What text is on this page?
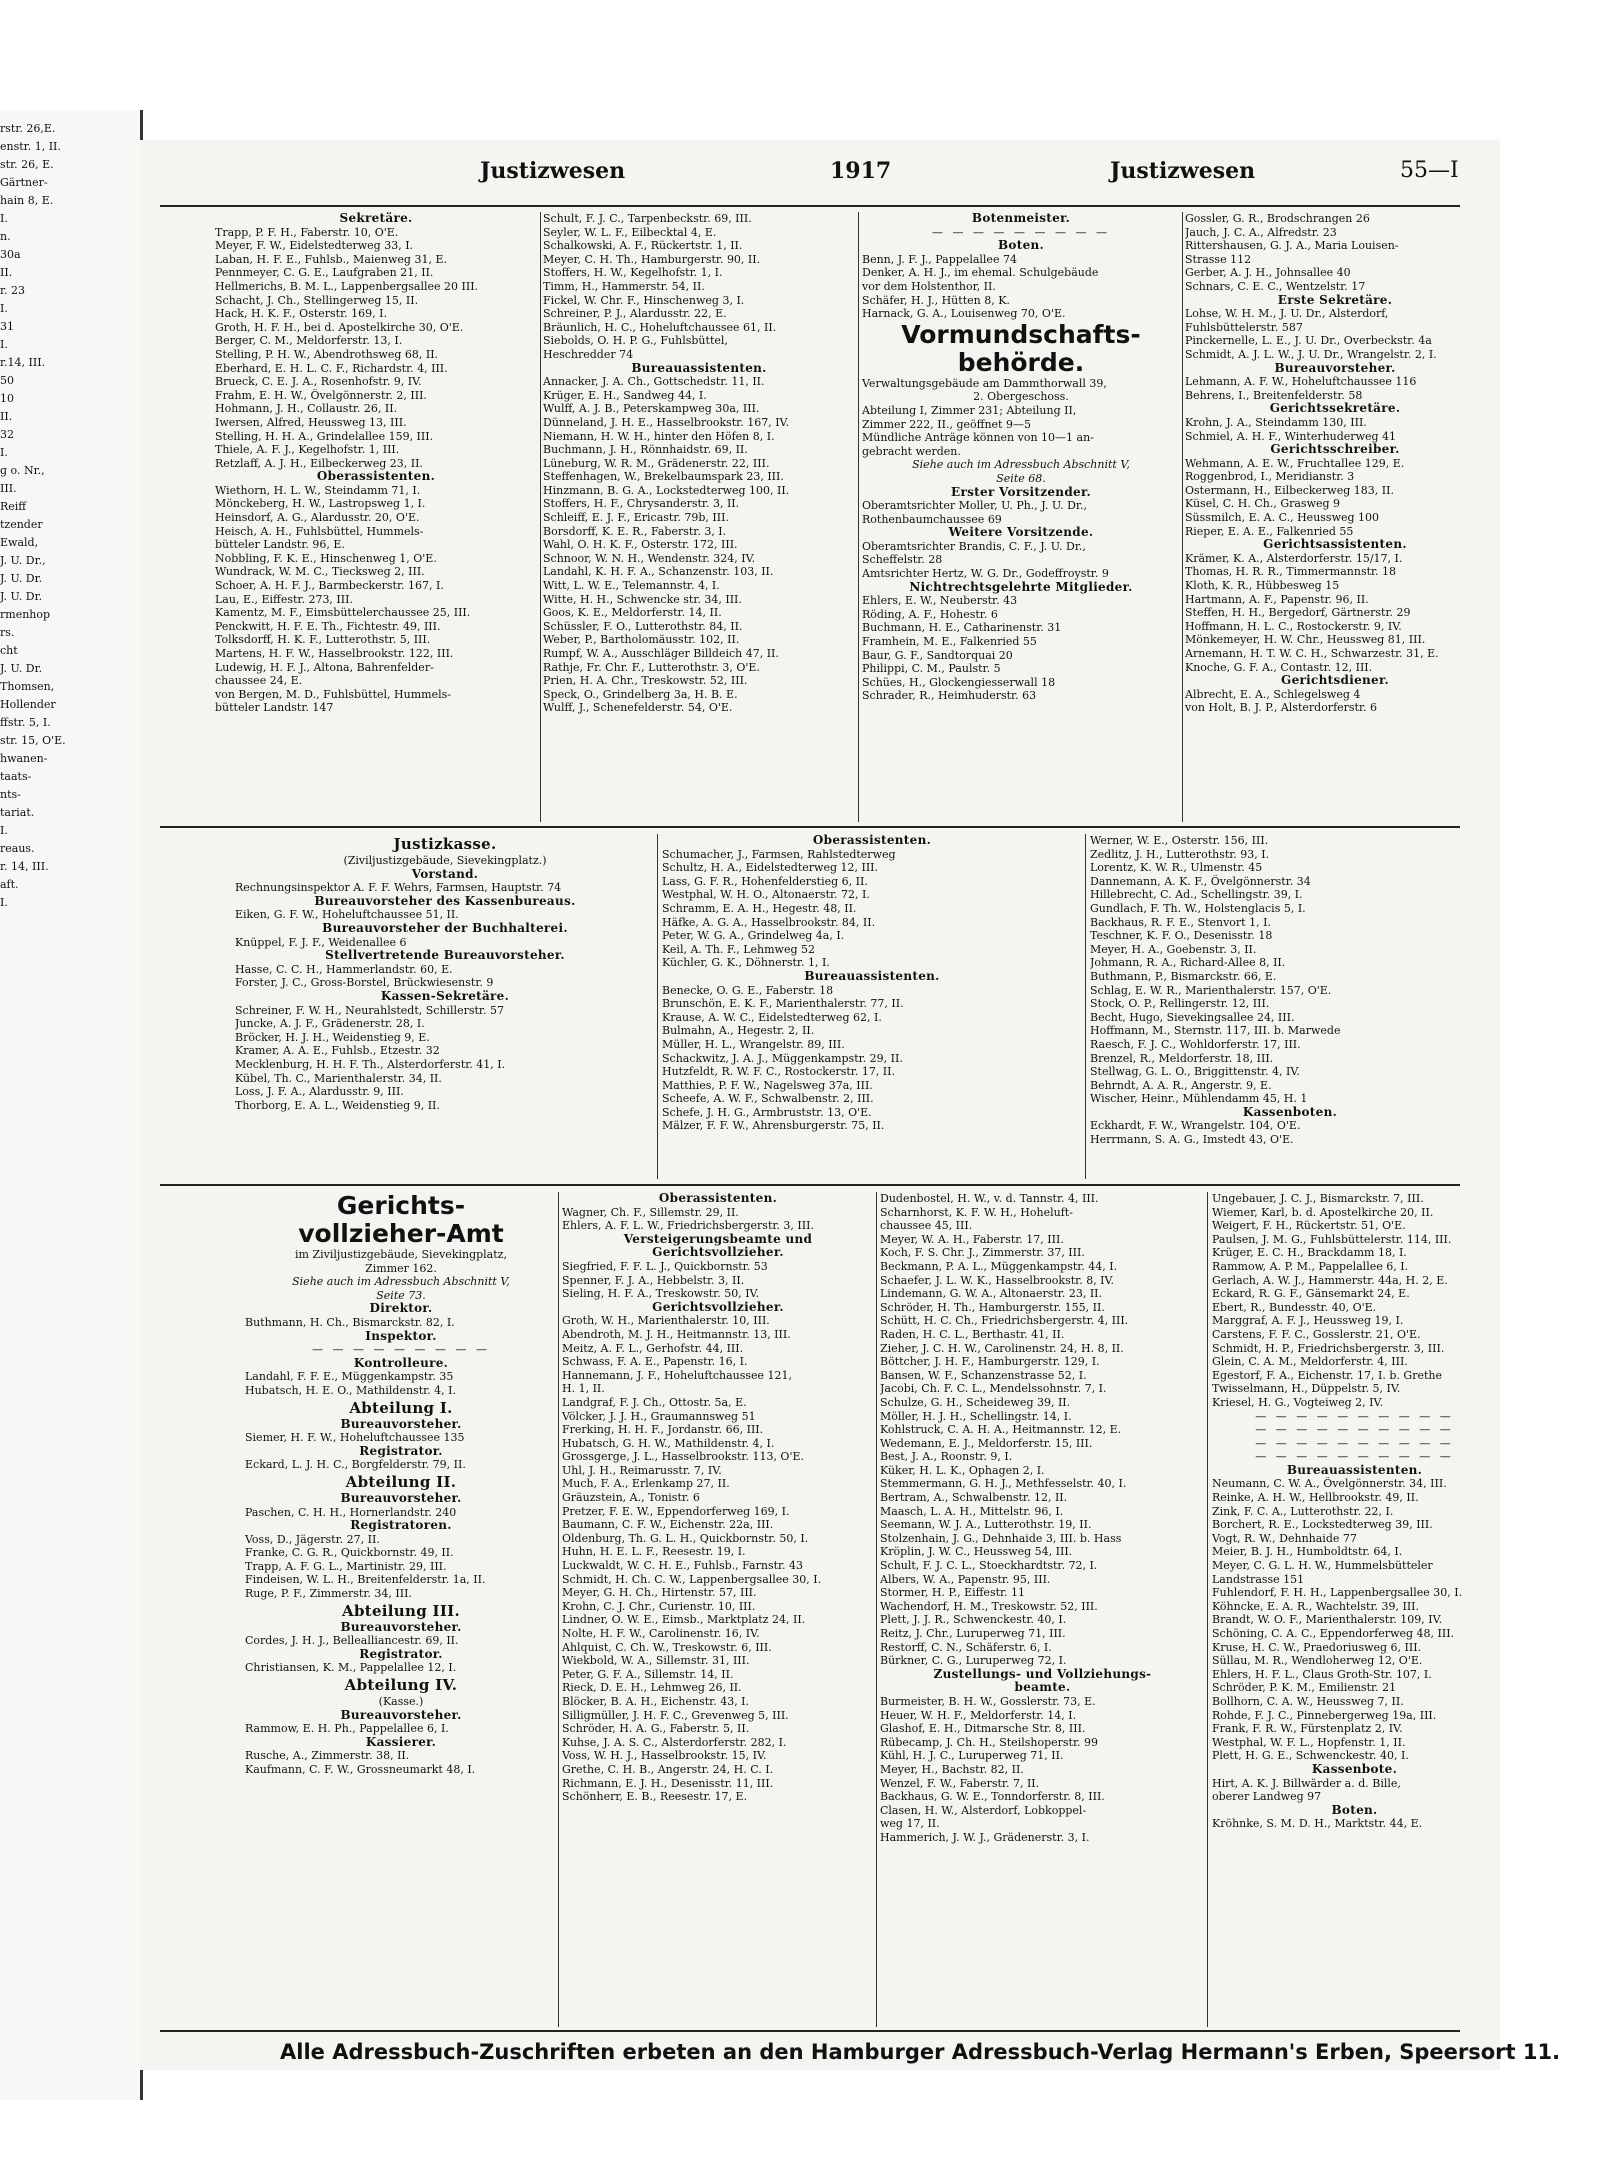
rstr. 26,E.
enstr. 1, II.
str. 26, E.
Gärtner-
hain 8, E.
I.
n.
30a
II.
r. 23
I.
31
I.
r.14, III.
50
10
II.
32
I.
g o. Nr.,
III.
Reiff
tzender
Ewald,
J. U. Dr.,
J. U. Dr.
J. U. Dr.
rmenhop
rs.
cht
J. U. Dr.
Thomsen,
Hollender
ffstr. 5, I.
str. 15, O'E.
hwanen-
taats-
nts-
tariat.
I.
reaus.
r. 14, III.
aft.
I.
Justizwesen	1917	Justizwesen	55—I
Sekretäre.
Trapp, P. F. H., Faberstr. 10, O'E.
Meyer, F. W., Eidelstedterweg 33, I.
Laban, H. F. E., Fuhlsb., Maienweg 31, E.
Pennmeyer, C. G. E., Laufgraben 21, II.
Hellmerichs, B. M. L., Lappenbergsallee 20 III.
Schacht, J. Ch., Stellingerweg 15, II.
Hack, H. K. F., Osterstr. 169, I.
Groth, H. F. H., bei d. Apostelkirche 30, O'E.
Berger, C. M., Meldorferstr. 13, I.
Stelling, P. H. W., Abendrothsweg 68, II.
Eberhard, E. H. L. C. F., Richardstr. 4, III.
Brueck, C. E. J. A., Rosenhofstr. 9, IV.
Frahm, E. H. W., Övelgönnerstr. 2, III.
Hohmann, J. H., Collaustr. 26, II.
Iwersen, Alfred, Heussweg 13, III.
Stelling, H. H. A., Grindelallee 159, III.
Thiele, A. F. J., Kegelhofstr. 1, III.
Retzlaff, A. J. H., Eilbeckerweg 23, II.
Oberassistenten.
Wiethorn, H. L. W., Steindamm 71, I.
Mönckeberg, H. W., Lastropsweg 1, I.
Heinsdorf, A. G., Alardusstr. 20, O'E.
Heisch, A. H., Fuhlsbüttel, Hummels-
bütteler Landstr. 96, E.
Nobbling, F. K. E., Hinschenweg 1, O'E.
Wundrack, W. M. C., Tiecksweg 2, III.
Schoer, A. H. F. J., Barmbeckerstr. 167, I.
Lau, E., Eiffestr. 273, III.
Kamentz, M. F., Eimsbüttelerchaussee 25, III.
Penckwitt, H. F. E. Th., Fichtestr. 49, III.
Tolksdorff, H. K. F., Lutterothstr. 5, III.
Martens, H. F. W., Hasselbrookstr. 122, III.
Ludewig, H. F. J., Altona, Bahrenfelder-
chaussee 24, E.
von Bergen, M. D., Fuhlsbüttel, Hummels-
bütteler Landstr. 147
Schult, F. J. C., Tarpenbeckstr. 69, III.
Seyler, W. L. F., Eilbecktal 4, E.
Schalkowski, A. F., Rückertstr. 1, II.
Meyer, C. H. Th., Hamburgerstr. 90, II.
Stoffers, H. W., Kegelhofstr. 1, I.
Timm, H., Hammerstr. 54, II.
Fickel, W. Chr. F., Hinschenweg 3, I.
Schreiner, P. J., Alardusstr. 22, E.
Bräunlich, H. C., Hoheluftchaussee 61, II.
Siebolds, O. H. P. G., Fuhlsbüttel,
Heschredder 74
Bureauassistenten.
Annacker, J. A. Ch., Gottschedstr. 11, II.
Krüger, E. H., Sandweg 44, I.
Wulff, A. J. B., Peterskampweg 30a, III.
Dünneland, J. H. E., Hasselbrookstr. 167, IV.
Niemann, H. W. H., hinter den Höfen 8, I.
Buchmann, J. H., Rönnhaidstr. 69, II.
Lüneburg, W. R. M., Grädenerstr. 22, III.
Steffenhagen, W., Brekelbaumspark 23, III.
Hinzmann, B. G. A., Lockstedterweg 100, II.
Stoffers, H. F., Chrysanderstr. 3, II.
Schleiff, E. J. F., Ericastr. 79b, III.
Borsdorff, K. E. R., Faberstr. 3, I.
Wahl, O. H. K. F., Osterstr. 172, III.
Schnoor, W. N. H., Wendenstr. 324, IV.
Landahl, K. H. F. A., Schanzenstr. 103, II.
Witt, L. W. E., Telemannstr. 4, I.
Witte, H. H., Schwencke str. 34, III.
Goos, K. E., Meldorferstr. 14, II.
Schüssler, F. O., Lutterothstr. 84, II.
Weber, P., Bartholomäusstr. 102, II.
Rumpf, W. A., Ausschläger Billdeich 47, II.
Rathje, Fr. Chr. F., Lutterothstr. 3, O'E.
Prien, H. A. Chr., Treskowstr. 52, III.
Speck, O., Grindelberg 3a, H. B. E.
Wulff, J., Schenefelderstr. 54, O'E.
Botenmeister.
— — — — — — — — —
Boten.
Benn, J. F. J., Pappelallee 74
Denker, A. H. J., im ehemal. Schulgebäude
vor dem Holstenthor, II.
Schäfer, H. J., Hütten 8, K.
Harnack, G. A., Louisenweg 70, O'E.
Vormundschafts-
behörde.
Verwaltungsgebäude am Dammthorwall 39,
2. Obergeschoss.
Abteilung I, Zimmer 231; Abteilung II,
Zimmer 222, II., geöffnet 9—5
Mündliche Anträge können von 10—1 an-
gebracht werden.
Siehe auch im Adressbuch Abschnitt V,
Seite 68.
Erster Vorsitzender.
Oberamtsrichter Moller, U. Ph., J. U. Dr.,
Rothenbaumchaussee 69
Weitere Vorsitzende.
Oberamtsrichter Brandis, C. F., J. U. Dr.,
Scheffelstr. 28
Amtsrichter Hertz, W. G. Dr., Godeffroystr. 9
Nichtrechtsgelehrte Mitglieder.
Ehlers, E. W., Neuberstr. 43
Röding, A. F., Hohestr. 6
Buchmann, H. E., Catharinenstr. 31
Framhein, M. E., Falkenried 55
Baur, G. F., Sandtorquai 20
Philippi, C. M., Paulstr. 5
Schües, H., Glockengiesserwall 18
Schrader, R., Heimhuderstr. 63
Gossler, G. R., Brodschrangen 26
Jauch, J. C. A., Alfredstr. 23
Rittershausen, G. J. A., Maria Louisen-
Strasse 112
Gerber, A. J. H., Johnsallee 40
Schnars, C. E. C., Wentzelstr. 17
Erste Sekretäre.
Lohse, W. H. M., J. U. Dr., Alsterdorf,
Fuhlsbüttelerstr. 587
Pinckernelle, L. E., J. U. Dr., Overbeckstr. 4a
Schmidt, A. J. L. W., J. U. Dr., Wrangelstr. 2, I.
Bureauvorsteher.
Lehmann, A. F. W., Hoheluftchaussee 116
Behrens, I., Breitenfelderstr. 58
Gerichtssekretäre.
Krohn, J. A., Steindamm 130, III.
Schmiel, A. H. F., Winterhuderweg 41
Gerichtsschreiber.
Wehmann, A. E. W., Fruchtallee 129, E.
Roggenbrod, I., Meridianstr. 3
Ostermann, H., Eilbeckerweg 183, II.
Küsel, C. H. Ch., Grasweg 9
Süssmilch, E. A. C., Heussweg 100
Rieper, E. A. E., Falkenried 55
Gerichtsassistenten.
Krämer, K. A., Alsterdorferstr. 15/17, I.
Thomas, H. R. R., Timmermannstr. 18
Kloth, K. R., Hübbesweg 15
Hartmann, A. F., Papenstr. 96, II.
Steffen, H. H., Bergedorf, Gärtnerstr. 29
Hoffmann, H. L. C., Rostockerstr. 9, IV.
Mönkemeyer, H. W. Chr., Heussweg 81, III.
Arnemann, H. T. W. C. H., Schwarzestr. 31, E.
Knoche, G. F. A., Contastr. 12, III.
Gerichtsdiener.
Albrecht, E. A., Schlegelsweg 4
von Holt, B. J. P., Alsterdorferstr. 6
Justizkasse.
(Ziviljustizgebäude, Sievekingplatz.)
Vorstand.
Rechnungsinspektor A. F. F. Wehrs, Farmsen, Hauptstr. 74
Bureauvorsteher des Kassenbureaus.
Eiken, G. F. W., Hoheluftchaussee 51, II.
Bureauvorsteher der Buchhalterei.
Knüppel, F. J. F., Weidenallee 6
Stellvertretende Bureauvorsteher.
Hasse, C. C. H., Hammerlandstr. 60, E.
Forster, J. C., Gross-Borstel, Brückwiesenstr. 9
Kassen-Sekretäre.
Schreiner, F. W. H., Neurahlstedt, Schillerstr. 57
Juncke, A. J. F., Grädenerstr. 28, I.
Bröcker, H. J. H., Weidenstieg 9, E.
Kramer, A. A. E., Fuhlsb., Etzestr. 32
Mecklenburg, H. H. F. Th., Alsterdorferstr. 41, I.
Kübel, Th. C., Marienthalerstr. 34, II.
Loss, J. F. A., Alardusstr. 9, III.
Thorborg, E. A. L., Weidenstieg 9, II.
Oberassistenten.
Schumacher, J., Farmsen, Rahlstedterweg
Schultz, H. A., Eidelstedterweg 12, III.
Lass, G. F. R., Hohenfelderstieg 6, II.
Westphal, W. H. O., Altonaerstr. 72, I.
Schramm, E. A. H., Hegestr. 48, II.
Häfke, A. G. A., Hasselbrookstr. 84, II.
Peter, W. G. A., Grindelweg 4a, I.
Keil, A. Th. F., Lehmweg 52
Küchler, G. K., Döhnerstr. 1, I.
Bureauassistenten.
Benecke, O. G. E., Faberstr. 18
Brunschön, E. K. F., Marienthalerstr. 77, II.
Krause, A. W. C., Eidelstedterweg 62, I.
Bulmahn, A., Hegestr. 2, II.
Müller, H. L., Wrangelstr. 89, III.
Schackwitz, J. A. J., Müggenkampstr. 29, II.
Hutzfeldt, R. W. F. C., Rostockerstr. 17, II.
Matthies, P. F. W., Nagelsweg 37a, III.
Scheefe, A. W. F., Schwalbenstr. 2, III.
Schefe, J. H. G., Armbruststr. 13, O'E.
Mälzer, F. F. W., Ahrensburgerstr. 75, II.
Werner, W. E., Osterstr. 156, III.
Zedlitz, J. H., Lutterothstr. 93, I.
Lorentz, K. W. R., Ulmenstr. 45
Dannemann, A. K. F., Övelgönnerstr. 34
Hillebrecht, C. Ad., Schellingstr. 39, I.
Gundlach, F. Th. W., Holstenglacis 5, I.
Backhaus, R. F. E., Stenvort 1, I.
Teschner, K. F. O., Desenisstr. 18
Meyer, H. A., Goebenstr. 3, II.
Johmann, R. A., Richard-Allee 8, II.
Buthmann, P., Bismarckstr. 66, E.
Schlag, E. W. R., Marienthalerstr. 157, O'E.
Stock, O. P., Rellingerstr. 12, III.
Becht, Hugo, Sievekingsallee 24, III.
Hoffmann, M., Sternstr. 117, III. b. Marwede
Raesch, F. J. C., Wohldorferstr. 17, III.
Brenzel, R., Meldorferstr. 18, III.
Stellwag, G. L. O., Briggittenstr. 4, IV.
Behrndt, A. A. R., Angerstr. 9, E.
Wischer, Heinr., Mühlendamm 45, H. 1
Kassenboten.
Eckhardt, F. W., Wrangelstr. 104, O'E.
Herrmann, S. A. G., Imstedt 43, O'E.
Gerichts-
vollzieher-Amt
im Ziviljustizgebäude, Sievekingplatz,
Zimmer 162.
Siehe auch im Adressbuch Abschnitt V,
Seite 73.
Direktor.
Buthmann, H. Ch., Bismarckstr. 82, I.
Inspektor.
— — — — — — — — —
Kontrolleure.
Landahl, F. F. E., Müggenkampstr. 35
Hubatsch, H. E. O., Mathildenstr. 4, I.
Abteilung I.
Bureauvorsteher.
Siemer, H. F. W., Hoheluftchaussee 135
Registrator.
Eckard, L. J. H. C., Borgfelderstr. 79, II.
Abteilung II.
Bureauvorsteher.
Paschen, C. H. H., Hornerlandstr. 240
Registratoren.
Voss, D., Jägerstr. 27, II.
Franke, C. G. R., Quickbornstr. 49, II.
Trapp, A. F. G. L., Martinistr. 29, III.
Findeisen, W. L. H., Breitenfelderstr. 1a, II.
Ruge, P. F., Zimmerstr. 34, III.
Abteilung III.
Bureauvorsteher.
Cordes, J. H. J., Bellealliancestr. 69, II.
Registrator.
Christiansen, K. M., Pappelallee 12, I.
Abteilung IV.
(Kasse.)
Bureauvorsteher.
Rammow, E. H. Ph., Pappelallee 6, I.
Kassierer.
Rusche, A., Zimmerstr. 38, II.
Kaufmann, C. F. W., Grossneumarkt 48, I.
Oberassistenten.
Wagner, Ch. F., Sillemstr. 29, II.
Ehlers, A. F. L. W., Friedrichsbergerstr. 3, III.
Versteigerungsbeamte und
Gerichtsvollzieher.
Siegfried, F. F. L. J., Quickbornstr. 53
Spenner, F. J. A., Hebbelstr. 3, II.
Sieling, H. F. A., Treskowstr. 50, IV.
Gerichtsvollzieher.
Groth, W. H., Marienthalerstr. 10, III.
Abendroth, M. J. H., Heitmannstr. 13, III.
Meitz, A. F. L., Gerhofstr. 44, III.
Schwass, F. A. E., Papenstr. 16, I.
Hannemann, J. F., Hoheluftchaussee 121,
H. 1, II.
Landgraf, F. J. Ch., Ottostr. 5a, E.
Völcker, J. J. H., Graumannsweg 51
Frerking, H. H. F., Jordanstr. 66, III.
Hubatsch, G. H. W., Mathildenstr. 4, I.
Grossgerge, J. L., Hasselbrookstr. 113, O'E.
Uhl, J. H., Reimarusstr. 7, IV.
Much, F. A., Erlenkamp 27, II.
Gräuzstein, A., Tonistr. 6
Pretzer, F. E. W., Eppendorferweg 169, I.
Baumann, C. F. W., Eichenstr. 22a, III.
Oldenburg, Th. G. L. H., Quickbornstr. 50, I.
Huhn, H. E. L. F., Reesestr. 19, I.
Luckwaldt, W. C. H. E., Fuhlsb., Farnstr. 43
Schmidt, H. Ch. C. W., Lappenbergsallee 30, I.
Meyer, G. H. Ch., Hirtenstr. 57, III.
Krohn, C. J. Chr., Curienstr. 10, III.
Lindner, O. W. E., Eimsb., Marktplatz 24, II.
Nolte, H. F. W., Carolinenstr. 16, IV.
Ahlquist, C. Ch. W., Treskowstr. 6, III.
Wiekbold, W. A., Sillemstr. 31, III.
Peter, G. F. A., Sillemstr. 14, II.
Rieck, D. E. H., Lehmweg 26, II.
Blöcker, B. A. H., Eichenstr. 43, I.
Silligmüller, J. H. F. C., Grevenweg 5, III.
Schröder, H. A. G., Faberstr. 5, II.
Kuhse, J. A. S. C., Alsterdorferstr. 282, I.
Voss, W. H. J., Hasselbrookstr. 15, IV.
Grethe, C. H. B., Angerstr. 24, H. C. I.
Richmann, E. J. H., Desenisstr. 11, III.
Schönherr, E. B., Reesestr. 17, E.
Dudenbostel, H. W., v. d. Tannstr. 4, III.
Scharnhorst, K. F. W. H., Hoheluft-
chaussee 45, III.
Meyer, W. A. H., Faberstr. 17, III.
Koch, F. S. Chr. J., Zimmerstr. 37, III.
Beckmann, P. A. L., Müggenkampstr. 44, I.
Schaefer, J. L. W. K., Hasselbrookstr. 8, IV.
Lindemann, G. W. A., Altonaerstr. 23, II.
Schröder, H. Th., Hamburgerstr. 155, II.
Schütt, H. C. Ch., Friedrichsbergerstr. 4, III.
Raden, H. C. L., Berthastr. 41, II.
Zieher, J. C. H. W., Carolinenstr. 24, H. 8, II.
Böttcher, J. H. F., Hamburgerstr. 129, I.
Bansen, W. F., Schanzenstrasse 52, I.
Jacobi, Ch. F. C. L., Mendelssohnstr. 7, I.
Schulze, G. H., Scheideweg 39, II.
Möller, H. J. H., Schellingstr. 14, I.
Kohlstruck, C. A. H. A., Heitmannstr. 12, E.
Wedemann, E. J., Meldorferstr. 15, III.
Best, J. A., Roonstr. 9, I.
Küker, H. L. K., Ophagen 2, I.
Stemmermann, G. H. J., Methfesselstr. 40, I.
Bertram, A., Schwalbenstr. 12, II.
Maasch, L. A. H., Mittelstr. 96, I.
Seemann, W. J. A., Lutterothstr. 19, II.
Stolzenhain, J. G., Dehnhaide 3, III. b. Hass
Kröplin, J. W. C., Heussweg 54, III.
Schult, F. J. C. L., Stoeckhardtstr. 72, I.
Albers, W. A., Papenstr. 95, III.
Stormer, H. P., Eiffestr. 11
Wachendorf, H. M., Treskowstr. 52, III.
Plett, J. J. R., Schwenckestr. 40, I.
Reitz, J. Chr., Luruperweg 71, III.
Restorff, C. N., Schäferstr. 6, I.
Bürkner, C. G., Luruperweg 72, I.
Zustellungs- und Vollziehungs-
beamte.
Burmeister, B. H. W., Gosslerstr. 73, E.
Heuer, W. H. F., Meldorferstr. 14, I.
Glashof, E. H., Ditmarsche Str. 8, III.
Rübecamp, J. Ch. H., Steilshoperstr. 99
Kühl, H. J. C., Luruperweg 71, II.
Meyer, H., Bachstr. 82, II.
Wenzel, F. W., Faberstr. 7, II.
Backhaus, G. W. E., Tonndorferstr. 8, III.
Clasen, H. W., Alsterdorf, Lobkoppel-
weg 17, II.
Hammerich, J. W. J., Grädenerstr. 3, I.
Ungebauer, J. C. J., Bismarckstr. 7, III.
Wiemer, Karl, b. d. Apostelkirche 20, II.
Weigert, F. H., Rückertstr. 51, O'E.
Paulsen, J. M. G., Fuhlsbüttelerstr. 114, III.
Krüger, E. C. H., Brackdamm 18, I.
Rammow, A. P. M., Pappelallee 6, I.
Gerlach, A. W. J., Hammerstr. 44a, H. 2, E.
Eckard, R. G. F., Gänsemarkt 24, E.
Ebert, R., Bundesstr. 40, O'E.
Marggraf, A. F. J., Heussweg 19, I.
Carstens, F. F. C., Gosslerstr. 21, O'E.
Schmidt, H. P., Friedrichsbergerstr. 3, III.
Glein, C. A. M., Meldorferstr. 4, III.
Egestorf, F. A., Eichenstr. 17, I. b. Grethe
Twisselmann, H., Düppelstr. 5, IV.
Kriesel, H. G., Vogteiweg 2, IV.
— — — — — — — — — —
— — — — — — — — — —
— — — — — — — — — —
— — — — — — — — — —
Bureauassistenten.
Neumann, C. W. A., Övelgönnerstr. 34, III.
Reinke, A. H. W., Hellbrookstr. 49, II.
Zink, F. C. A., Lutterothstr. 22, I.
Borchert, R. E., Lockstedterweg 39, III.
Vogt, R. W., Dehnhaide 77
Meier, B. J. H., Humboldtstr. 64, I.
Meyer, C. G. L. H. W., Hummelsbütteler
Landstrasse 151
Fuhlendorf, F. H. H., Lappenbergsallee 30, I.
Köhncke, E. A. R., Wachtelstr. 39, III.
Brandt, W. O. F., Marienthalerstr. 109, IV.
Schöning, C. A. C., Eppendorferweg 48, III.
Kruse, H. C. W., Praedoriusweg 6, III.
Süllau, M. R., Wendloherweg 12, O'E.
Ehlers, H. F. L., Claus Groth-Str. 107, I.
Schröder, P. K. M., Emilienstr. 21
Bollhorn, C. A. W., Heussweg 7, II.
Rohde, F. J. C., Pinnebergerweg 19a, III.
Frank, F. R. W., Fürstenplatz 2, IV.
Westphal, W. F. L., Hopfenstr. 1, II.
Plett, H. G. E., Schwenckestr. 40, I.
Kassenbote.
Hirt, A. K. J. Billwärder a. d. Bille,
oberer Landweg 97
Boten.
Kröhnke, S. M. D. H., Marktstr. 44, E.
Alle Adressbuch-Zuschriften erbeten an den Hamburger Adressbuch-Verlag Hermann's Erben, Speersort 11.
